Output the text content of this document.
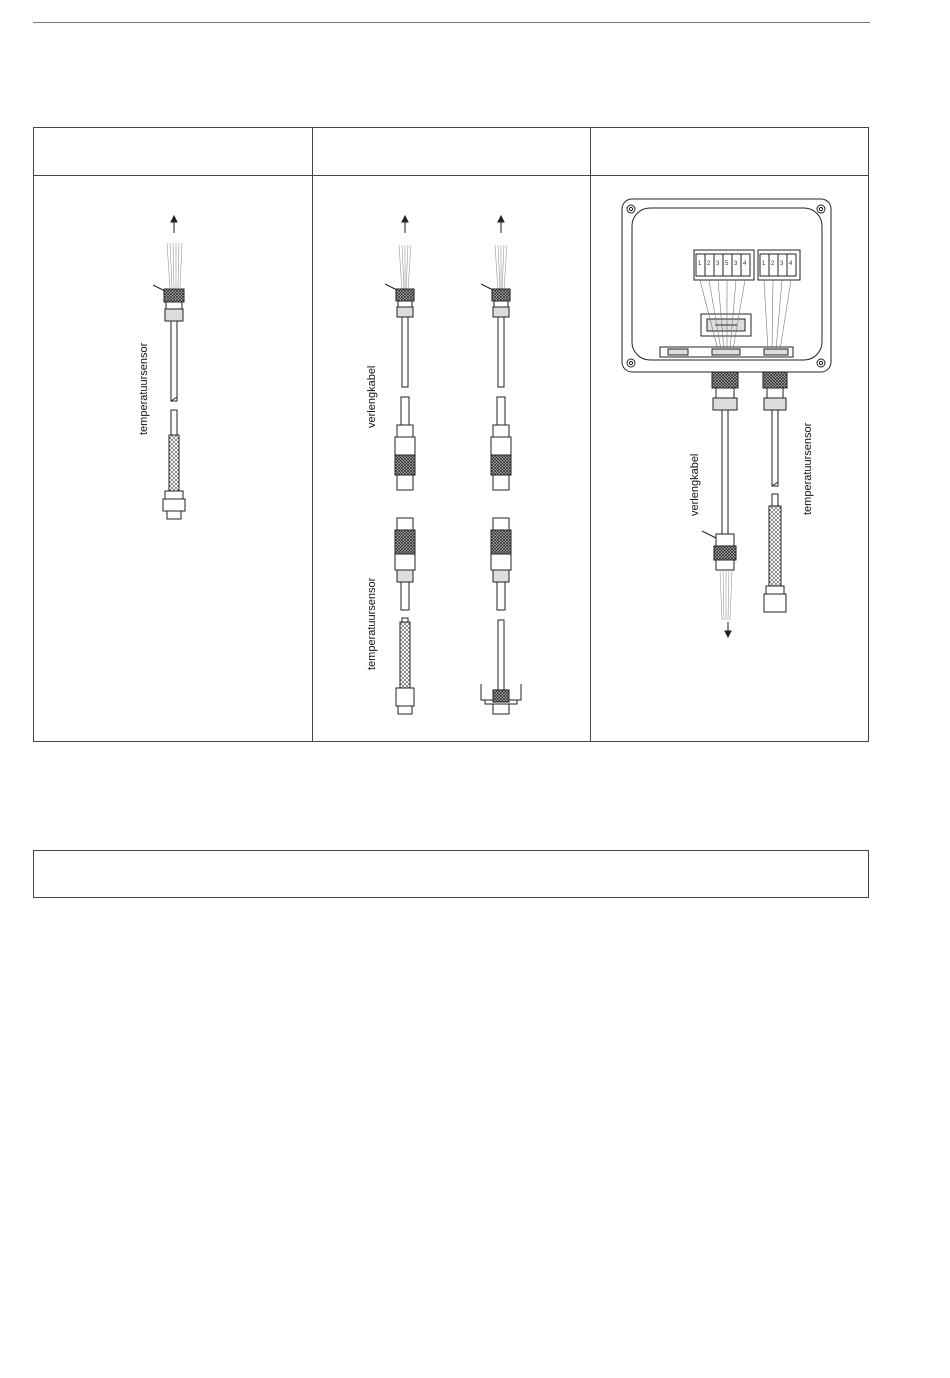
temperatuursensor	verlengkabel
temperatuursensor
verlengkabel	temperatuursensor
1 2 3 5 3 4	1 2 3 4
